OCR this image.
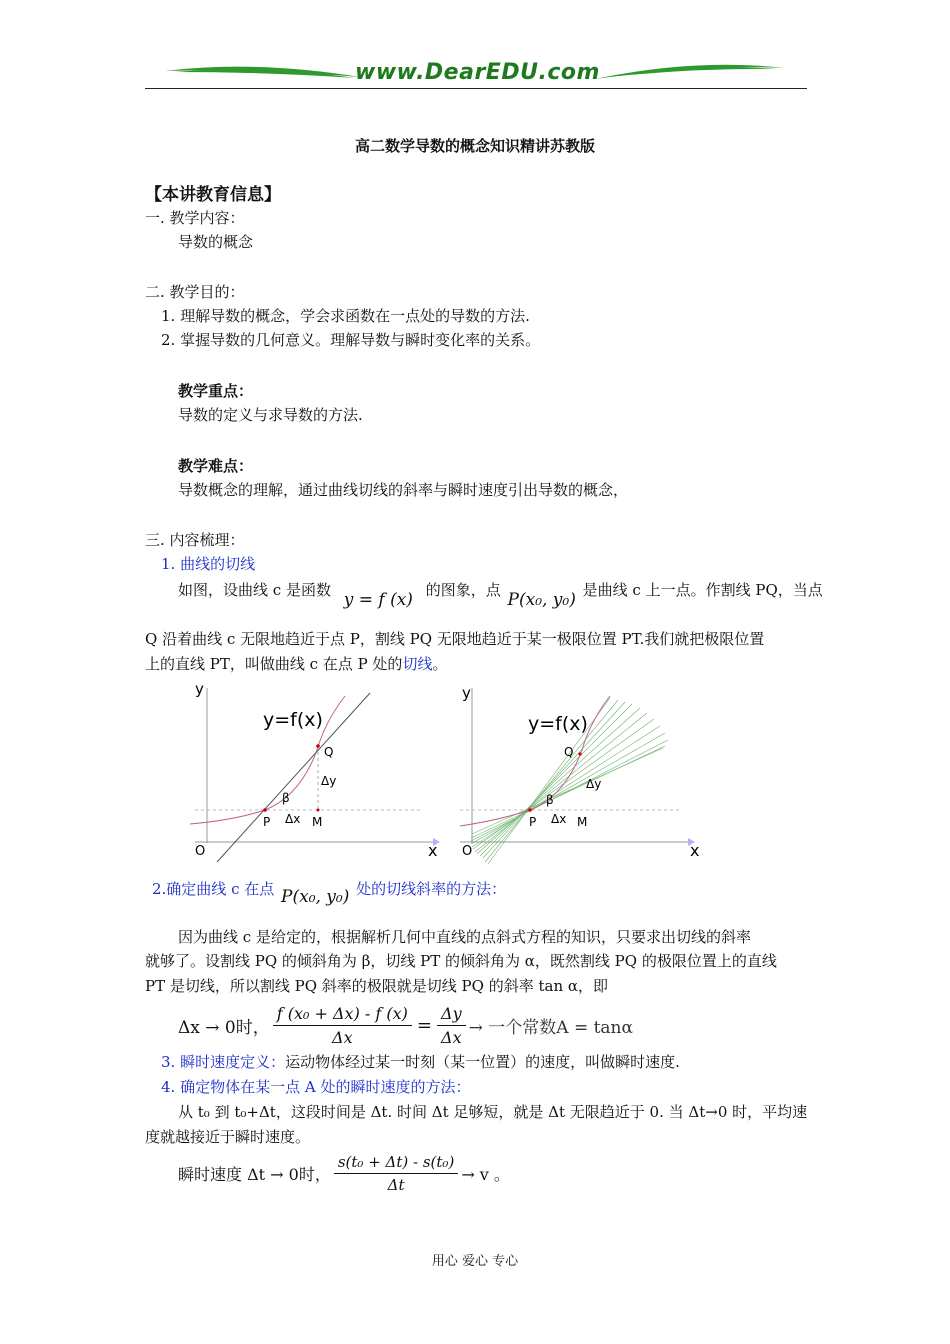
www.DearEDU.com
高二数学导数的概念知识精讲苏教版
【本讲教育信息】
一. 教学内容：
导数的概念
二. 教学目的：
1. 理解导数的概念，学会求函数在一点处的导数的方法.
2. 掌握导数的几何意义。理解导数与瞬时变化率的关系。
教学重点：
导数的定义与求导数的方法.
教学难点：
导数概念的理解，通过曲线切线的斜率与瞬时速度引出导数的概念，
三. 内容梳理：
1. 曲线的切线
如图，设曲线 c 是函数 y = f (x) 的图象，点 P(x₀, y₀) 是曲线 c 上一点。作割线 PQ，当点
Q 沿着曲线 c 无限地趋近于点 P，割线 PQ 无限地趋近于某一极限位置 PT.我们就把极限位置
上的直线 PT，叫做曲线 c 在点 P 处的切线。
y
x
O
y=f(x)
Q
Δy
β
P Δx M
y
x
O
y=f(x)
Q
Δy
β
P Δx M
2.确定曲线 c 在点 P(x₀, y₀) 处的切线斜率的方法：
因为曲线 c 是给定的，根据解析几何中直线的点斜式方程的知识，只要求出切线的斜率
就够了。设割线 PQ 的倾斜角为 β，切线 PT 的倾斜角为 α，既然割线 PQ 的极限位置上的直线
PT 是切线，所以割线 PQ 斜率的极限就是切线 PQ 的斜率 tan α，即
Δx → 0时， $\frac{\text{f (x₀ + Δx) - f (x)}}{\Delta x} = \frac{\Delta y}{\Delta x}$ → 一个常数A = tanα
3. 瞬时速度定义：运动物体经过某一时刻（某一位置）的速度，叫做瞬时速度.
4. 确定物体在某一点 A 处的瞬时速度的方法：
从 t₀ 到 t₀+Δt，这段时间是 Δt. 时间 Δt 足够短，就是 Δt 无限趋近于 0. 当 Δt→0 时，平均速
度就越接近于瞬时速度。
瞬时速度 Δt → 0时， $\frac{\text{s(t₀ + Δt) - s(t₀)}}{\Delta t} \to v$ 。
用心 爱心 专心
